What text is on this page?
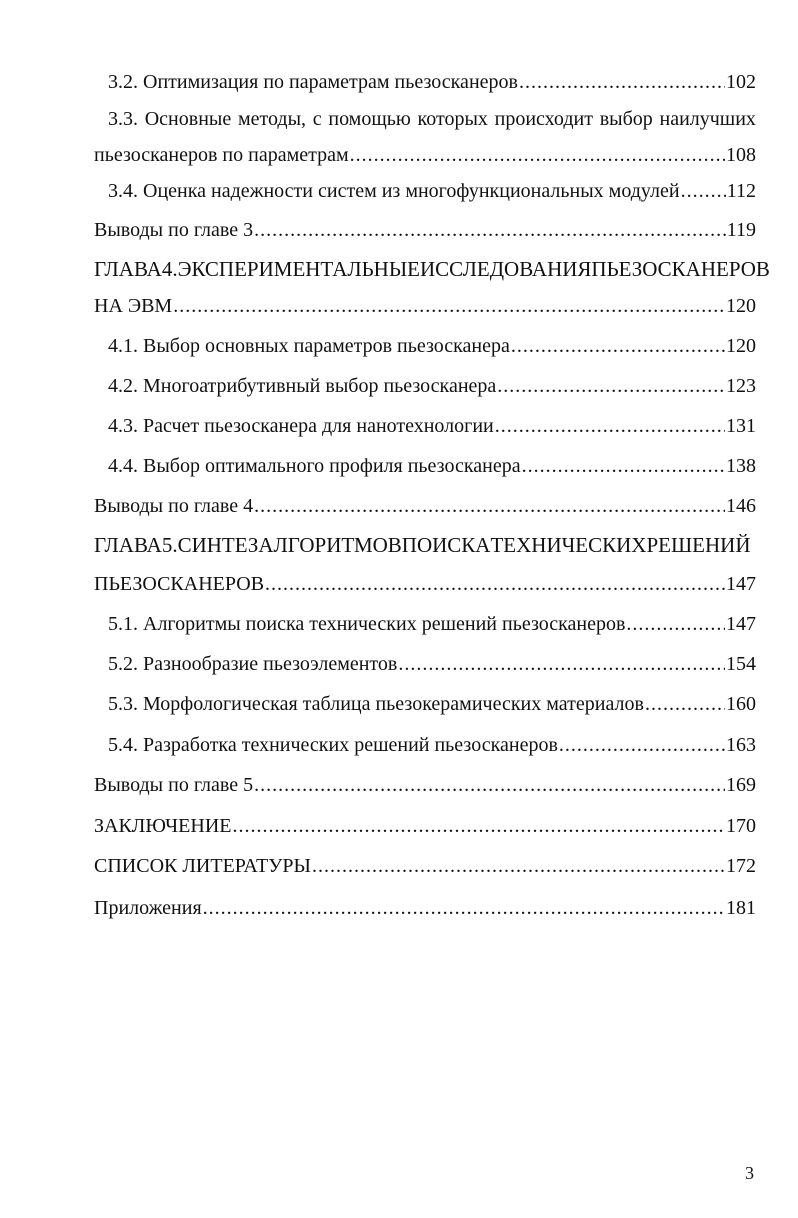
3.2. Оптимизация по параметрам пьезосканеров .....	102
3.3. Основные методы, с помощью которых происходит выбор наилучших
пьезосканеров по параметрам .....	108
3.4. Оценка надежности систем из многофункциональных модулей ..... 112
Выводы по главе 3 .....	119
ГЛАВА 4. ЭКСПЕРИМЕНТАЛЬНЫЕ ИССЛЕДОВАНИЯ ПЬЕЗОСКАНЕРОВ
НА ЭВМ .....	120
4.1. Выбор основных параметров пьезосканера .....	120
4.2. Многоатрибутивный выбор пьезосканера .....	123
4.3. Расчет пьезосканера для нанотехнологии .....	131
4.4. Выбор оптимального профиля пьезосканера .....	138
Выводы по главе 4 .....	146
ГЛАВА 5. СИНТЕЗ АЛГОРИТМОВ ПОИСКА ТЕХНИЧЕСКИХ РЕШЕНИЙ
ПЬЕЗОСКАНЕРОВ .....	147
5.1. Алгоритмы поиска технических решений пьезосканеров .....	147
5.2. Разнообразие пьезоэлементов .....	154
5.3. Морфологическая таблица пьезокерамических материалов .....	160
5.4. Разработка технических решений пьезосканеров .....	163
Выводы по главе 5 .....	169
ЗАКЛЮЧЕНИЕ .....	170
СПИСОК ЛИТЕРАТУРЫ .....	172
Приложения .....	181
3
